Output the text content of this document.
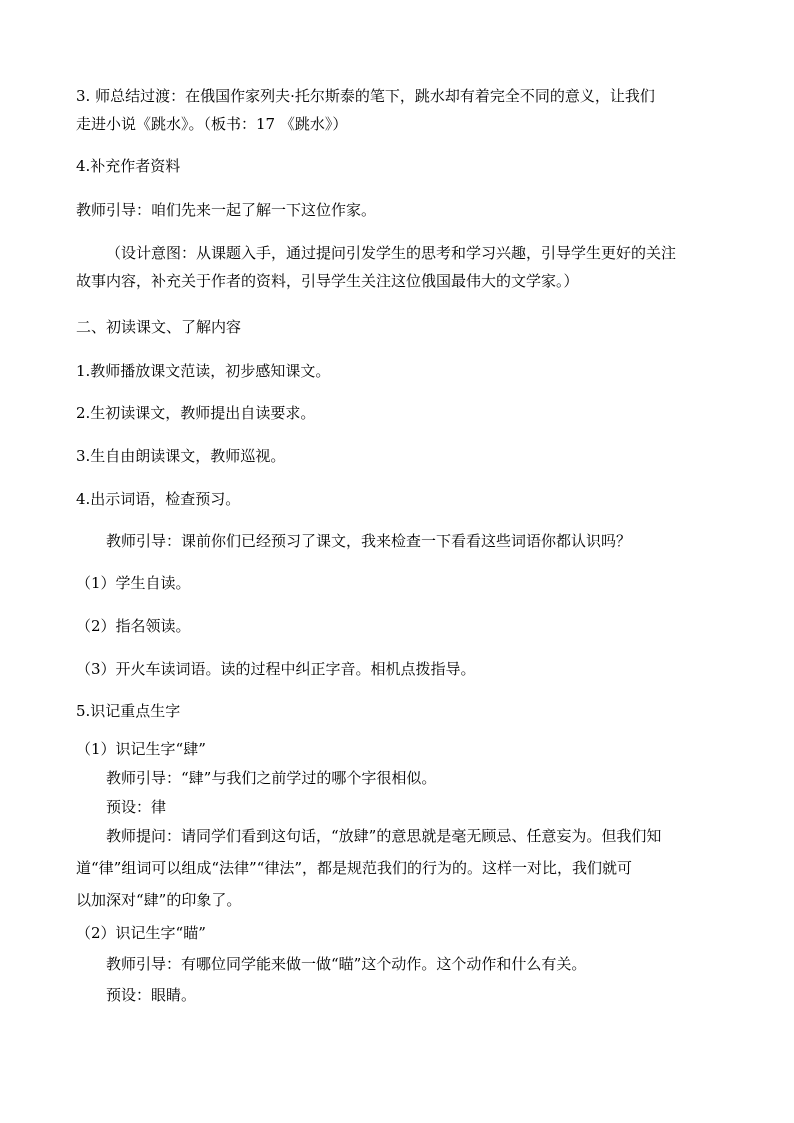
3. 师总结过渡：在俄国作家列夫·托尔斯泰的笔下，跳水却有着完全不同的意义，让我们

走进小说《跳水》。（板书：17 《跳水》）

4.补充作者资料

教师引导：咱们先来一起了解一下这位作家。

（设计意图：从课题入手，通过提问引发学生的思考和学习兴趣，引导学生更好的关注

故事内容，补充关于作者的资料，引导学生关注这位俄国最伟大的文学家。）

二、初读课文、了解内容

1.教师播放课文范读，初步感知课文。

2.生初读课文，教师提出自读要求。

3.生自由朗读课文，教师巡视。

4.出示词语，检查预习。

教师引导：课前你们已经预习了课文，我来检查一下看看这些词语你都认识吗？

（1）学生自读。

（2）指名领读。

（3）开火车读词语。读的过程中纠正字音。相机点拨指导。

5.识记重点生字

（1）识记生字“肆”

教师引导：“肆”与我们之前学过的哪个字很相似。

预设：律

教师提问：请同学们看到这句话，“放肆”的意思就是毫无顾忌、任意妄为。但我们知

道“律”组词可以组成“法律”“律法”，都是规范我们的行为的。这样一对比，我们就可

以加深对“肆”的印象了。

（2）识记生字“瞄”

教师引导：有哪位同学能来做一做“瞄”这个动作。这个动作和什么有关。

预设：眼睛。
